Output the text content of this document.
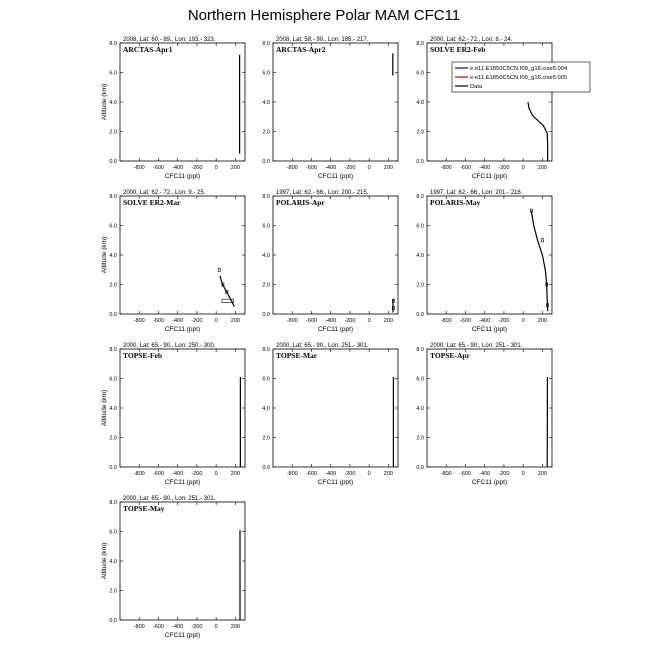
Northern Hemisphere Polar MAM CFC11
2008, Lat: 60.- 89., Lon: 193.- 323.
ARCTAS-Apr1
-800 -600 -400 -200 0 200
0.0
2.0
4.0
6.0
8.0
CFC11 (ppt)
Altitude (km)
2008, Lat: 58.- 90., Lon: 185.- 217.
ARCTAS-Apr2
-800 -600 -400 -200 0 200
0.0
2.0
4.0
6.0
8.0
CFC11 (ppt)
2000, Lat: 62.- 72., Lon: 8.- 24.
SOLVE ER2-Feb
-800 -600 -400 -200 0 200
0.0
2.0
4.0
6.0
8.0
CFC11 (ppt)
e.e11.E1850C5CN.f09_g16.cise5.004
e.e11.E1850C5CN.f09_g16.cise5.005
Data
2000, Lat: 62.- 72., Lon: 9.- 25.
SOLVE ER2-Mar
-800 -600 -400 -200 0 200
0.0
2.0
4.0
6.0
8.0
CFC11 (ppt)
Altitude (km)
1997, Lat: 62.- 66., Lon: 200.- 215.
POLARIS-Apr
-800 -600 -400 -200 0 200
0.0
2.0
4.0
6.0
8.0
CFC11 (ppt)
1997, Lat: 62.- 66., Lon: 201.- 216.
POLARIS-May
-800 -600 -400 -200 0 200
0.0
2.0
4.0
6.0
8.0
CFC11 (ppt)
2000, Lat: 65.- 90., Lon: 250.- 300.
TOPSE-Feb
-800 -600 -400 -200 0 200
0.0
2.0
4.0
6.0
8.0
CFC11 (ppt)
Altitude (km)
2000, Lat: 65.- 90., Lon: 251.- 301.
TOPSE-Mar
-800 -600 -400 -200 0 200
0.0
2.0
4.0
6.0
8.0
CFC11 (ppt)
2000, Lat: 65.- 90., Lon: 251.- 301.
TOPSE-Apr
-800 -600 -400 -200 0 200
0.0
2.0
4.0
6.0
8.0
CFC11 (ppt)
2000, Lat: 65.- 90., Lon: 251.- 301.
TOPSE-May
-800 -600 -400 -200 0 200
0.0
2.0
4.0
6.0
8.0
CFC11 (ppt)
Altitude (km)
